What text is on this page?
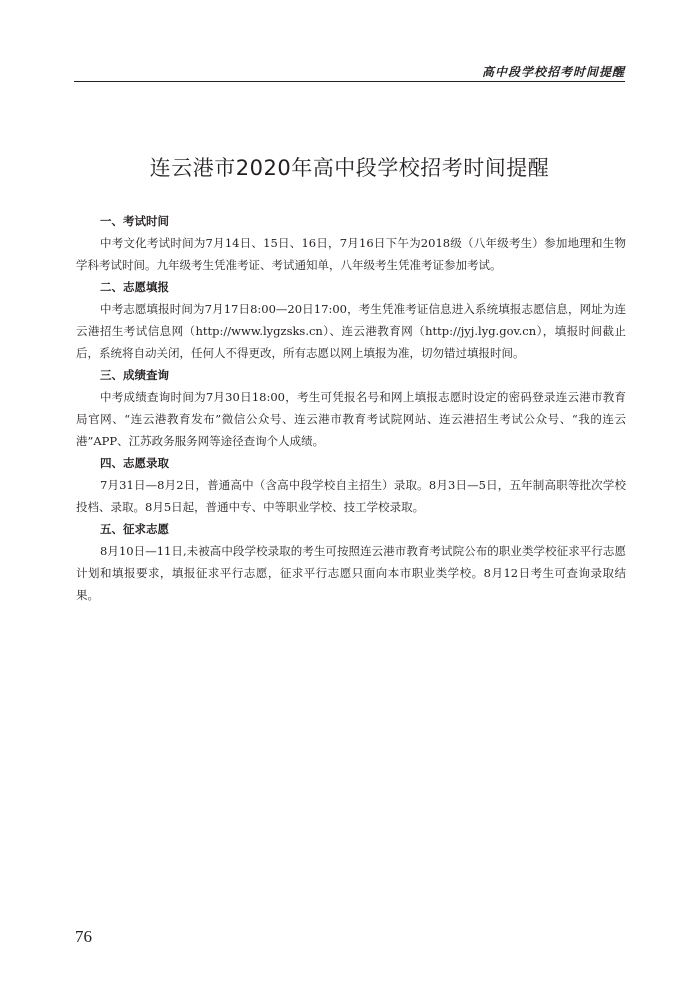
高中段学校招考时间提醒
连云港市2020年高中段学校招考时间提醒

一、考试时间

中考文化考试时间为7月14日、15日、16日，7月16日下午为2018级（八年级考生）参加地理和生物学科考试时间。九年级考生凭准考证、考试通知单，八年级考生凭准考证参加考试。

二、志愿填报

中考志愿填报时间为7月17日8:00—20日17:00，考生凭准考证信息进入系统填报志愿信息，网址为连云港招生考试信息网（http://www.lygzsks.cn）、连云港教育网（http://jyj.lyg.gov.cn），填报时间截止后，系统将自动关闭，任何人不得更改，所有志愿以网上填报为准，切勿错过填报时间。

三、成绩查询

中考成绩查询时间为7月30日18:00，考生可凭报名号和网上填报志愿时设定的密码登录连云港市教育局官网、“连云港教育发布”微信公众号、连云港市教育考试院网站、连云港招生考试公众号、“我的连云港”APP、江苏政务服务网等途径查询个人成绩。

四、志愿录取

7月31日—8月2日，普通高中（含高中段学校自主招生）录取。8月3日—5日，五年制高职等批次学校投档、录取。8月5日起，普通中专、中等职业学校、技工学校录取。

五、征求志愿

8月10日—11日,未被高中段学校录取的考生可按照连云港市教育考试院公布的职业类学校征求平行志愿计划和填报要求，填报征求平行志愿，征求平行志愿只面向本市职业类学校。8月12日考生可查询录取结果。

76
